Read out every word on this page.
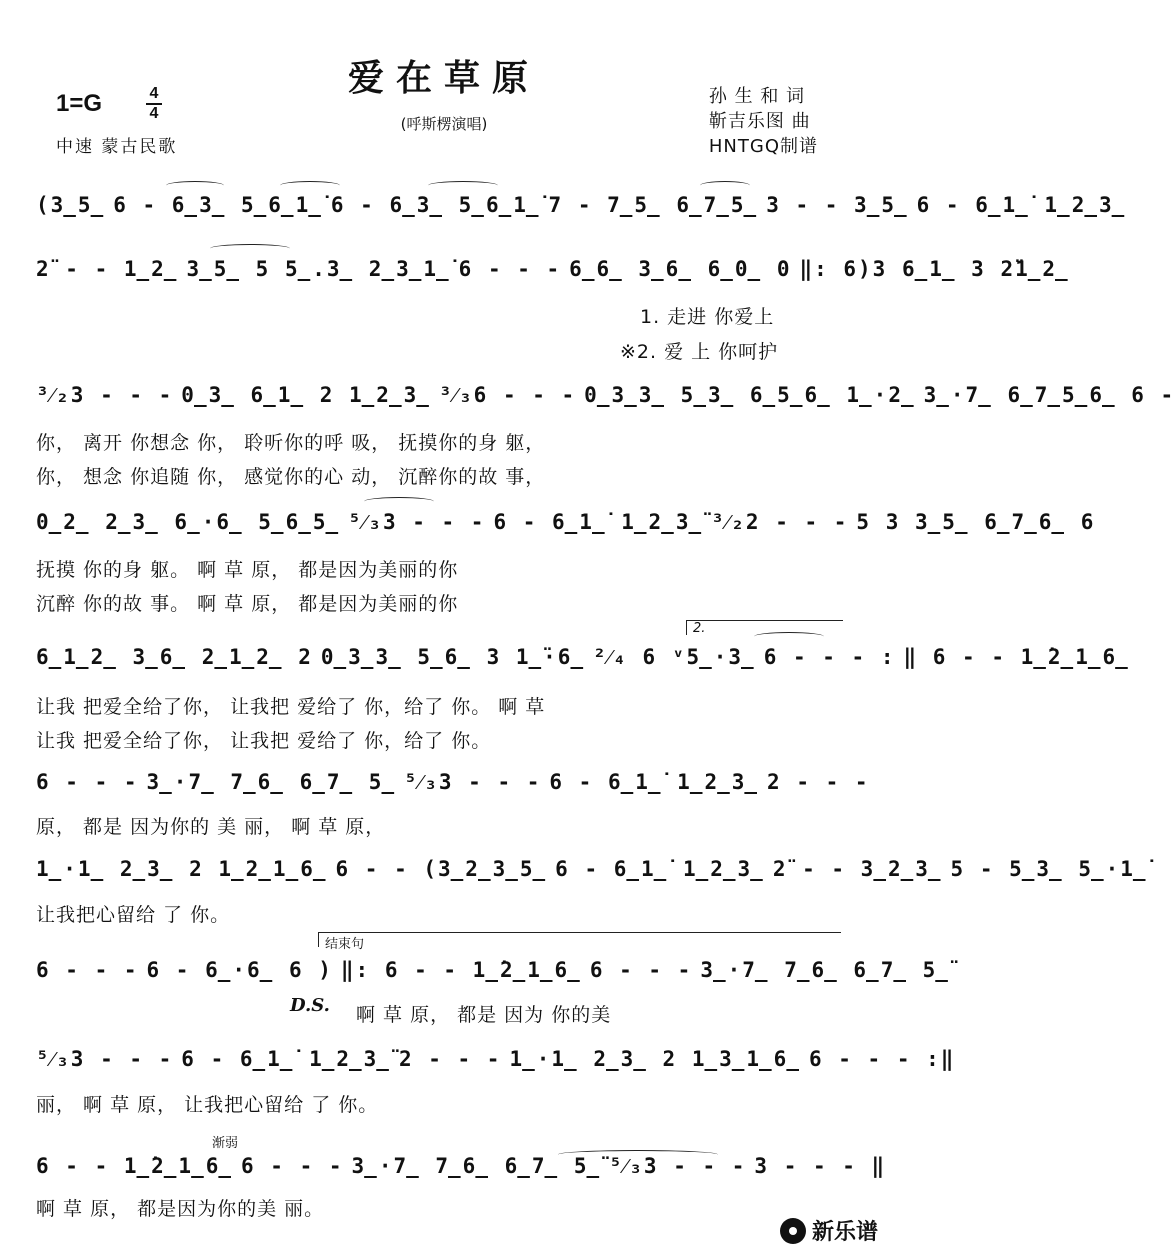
爱在草原
1=G	4
4
中速 蒙古民歌
(呼斯楞演唱)
孙 生 和 词
靳吉乐图 曲
HNTGQ制谱
(3̲5̲ 6 - 6̲3̲ 5̲6̲1̲̇ 6 - 6̲3̲ 5̲6̲1̲̇ 7 - 7̲5̲ 6̲7̲5̲ 3 - - 3̲5̲ 6 - 6̲1̲̇ 1̲2̲3̲
2̈ - - 1̲2̲ 3̲5̲ 5 5̲.3̲ 2̲3̲1̲̇ 6 - - - 6̲6̲ 3̲6̲ 6̲0̲ 0 ‖: 6)3 6̲1̲ 3 2̈1̲2̲
³⁄₂3 - - - 0̲3̲ 6̲1̲ 2 1̲2̲3̲ ³⁄₃6 - - - 0̲3̲3̲ 5̲3̲ 6̲5̲6̲ 1̲·2̲ 3̲·7̲ 6̲7̲5̲6̲ 6 -
0̲2̲ 2̲3̲ 6̲·6̲ 5̲6̲5̲ ⁵⁄₃3 - - - 6 - 6̲1̲̇ 1̲2̲3̲̈ ³⁄₂2 - - - 5 3 3̲5̲ 6̲7̲6̲ 6
6̲1̲2̲ 3̲6̲ 2̲1̲2̲ 2 0̲3̲3̲ 5̲6̲ 3 1̲̈·6̲ ²⁄₄ 6 ᵛ5̲·3̲ 6 - - - : ‖ 6 - - 1̲̇2̲1̲6̲
6 - - - 3̲·7̲ 7̲6̲ 6̲7̲ 5̲ ⁵⁄₃3 - - - 6 - 6̲1̲̇ 1̲2̲3̲ 2 - - -
1̲·1̲ 2̲3̲ 2 1̲2̲1̲6̲ 6 - - (3̲2̲3̲5̲ 6 - 6̲1̲̇ 1̲2̲3̲ 2̈ - - 3̲2̲3̲ 5 - 5̲3̲ 5̲·1̲̇
6 - - - 6 - 6̲·6̲ 6 ) ‖: 6 - - 1̲̇2̲1̲6̲ 6 - - - 3̲·7̲ 7̲6̲ 6̲7̲ 5̲̈
⁵⁄₃3 - - - 6 - 6̲1̲̇ 1̲2̲3̲̈ 2 - - - 1̲·1̲ 2̲3̲ 2 1̲3̲1̲6̲ 6 - - - :‖
6 - - 1̲̇2̲1̲6̲ 6 - - - 3̲·7̲ 7̲6̲ 6̲7̲ 5̲̈ ⁵⁄₃3 - - - 3 - - - ‖
1. 走进 你爱上
※2. 爱 上 你呵护
你， 离开 你想念 你， 聆听你的呼 吸， 抚摸你的身 躯，
你， 想念 你追随 你， 感觉你的心 动， 沉醉你的故 事，
抚摸 你的身 躯。 啊 草 原， 都是因为美丽的你
沉醉 你的故 事。 啊 草 原， 都是因为美丽的你
让我 把爱全给了你， 让我把 爱给了 你，给了 你。 啊 草
让我 把爱全给了你， 让我把 爱给了 你，给了 你。
原， 都是 因为你的 美 丽， 啊 草 原，
让我把心留给 了 你。
啊 草 原， 都是 因为 你的美
丽， 啊 草 原， 让我把心留给 了 你。
啊 草 原， 都是因为你的美 丽。
2.
结束句
D.S.
渐弱
新乐谱
